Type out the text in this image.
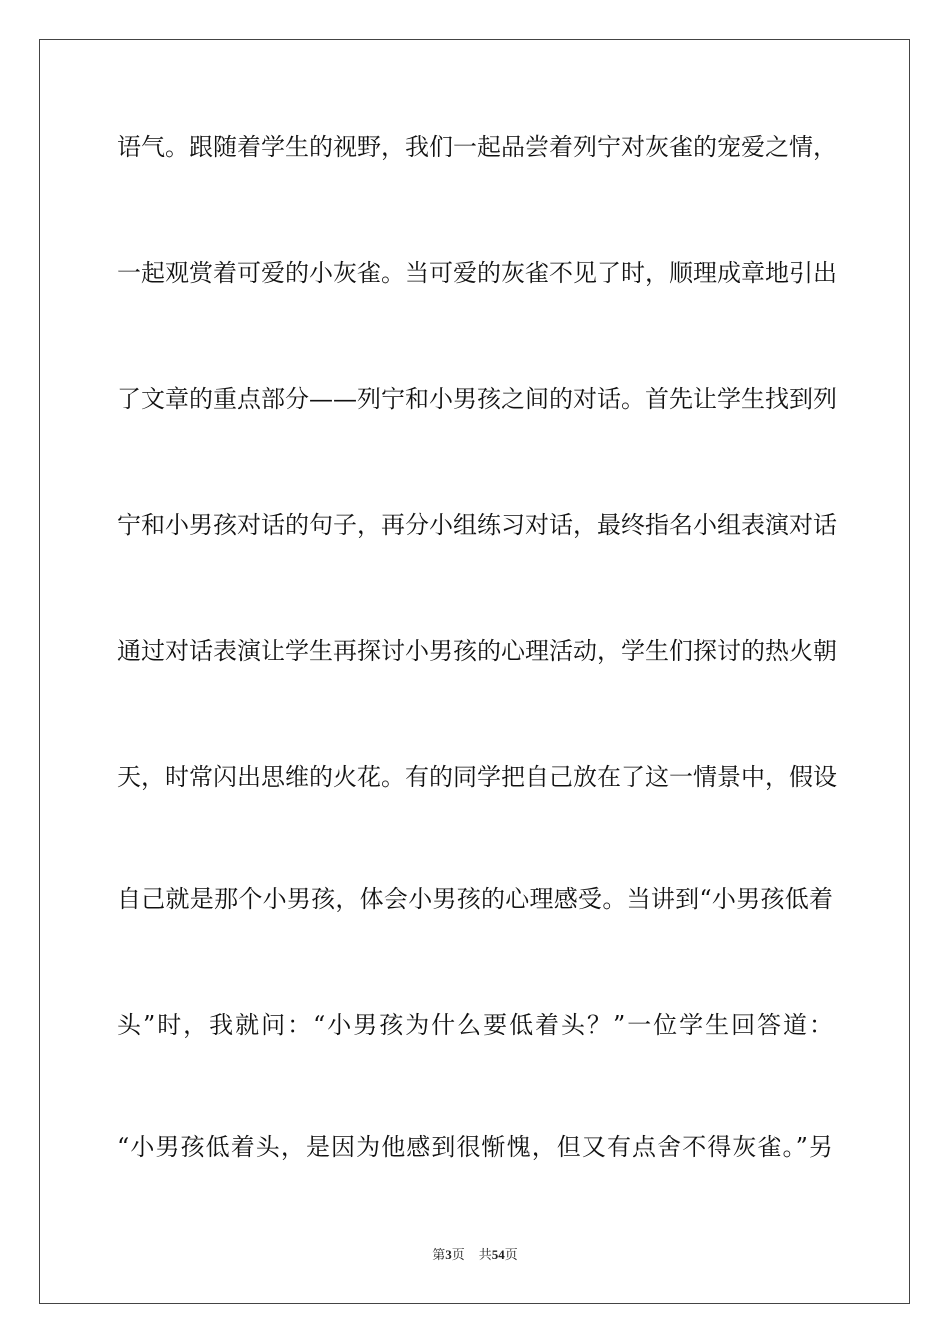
语气。跟随着学生的视野，我们一起品尝着列宁对灰雀的宠爱之情，
一起观赏着可爱的小灰雀。当可爱的灰雀不见了时，顺理成章地引出
了文章的重点部分——列宁和小男孩之间的对话。首先让学生找到列
宁和小男孩对话的句子，再分小组练习对话，最终指名小组表演对话
通过对话表演让学生再探讨小男孩的心理活动，学生们探讨的热火朝
天，时常闪出思维的火花。有的同学把自己放在了这一情景中，假设
自己就是那个小男孩，体会小男孩的心理感受。当讲到“小男孩低着
头”时，我就问：“小男孩为什么要低着头？”一位学生回答道：
“小男孩低着头，是因为他感到很惭愧，但又有点舍不得灰雀。”另
第3页 共54页
